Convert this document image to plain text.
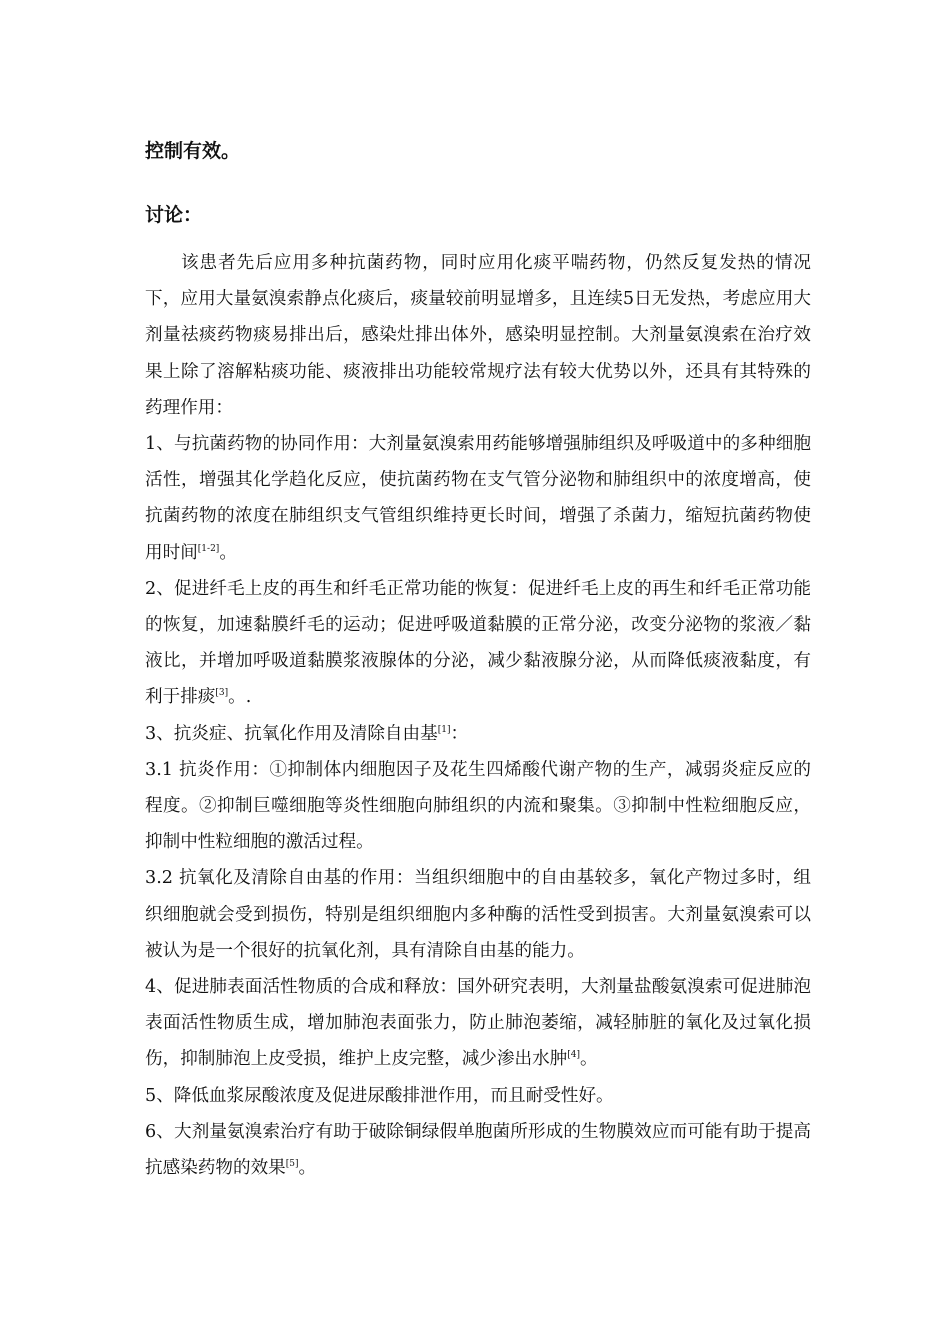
控制有效。
讨论：

该患者先后应用多种抗菌药物，同时应用化痰平喘药物，仍然反复发热的情况下，应用大量氨溴索静点化痰后，痰量较前明显增多，且连续5日无发热，考虑应用大剂量祛痰药物痰易排出后，感染灶排出体外，感染明显控制。大剂量氨溴索在治疗效果上除了溶解粘痰功能、痰液排出功能较常规疗法有较大优势以外，还具有其特殊的药理作用：

1、与抗菌药物的协同作用：大剂量氨溴索用药能够增强肺组织及呼吸道中的多种细胞活性，增强其化学趋化反应，使抗菌药物在支气管分泌物和肺组织中的浓度增高，使抗菌药物的浓度在肺组织支气管组织维持更长时间，增强了杀菌力，缩短抗菌药物使用时间[1-2]。

2、促进纤毛上皮的再生和纤毛正常功能的恢复：促进纤毛上皮的再生和纤毛正常功能的恢复，加速黏膜纤毛的运动；促进呼吸道黏膜的正常分泌，改变分泌物的浆液／黏液比，并增加呼吸道黏膜浆液腺体的分泌，减少黏液腺分泌，从而降低痰液黏度，有利于排痰[3]。.

3、抗炎症、抗氧化作用及清除自由基[1]：

3.1 抗炎作用：①抑制体内细胞因子及花生四烯酸代谢产物的生产，减弱炎症反应的程度。②抑制巨噬细胞等炎性细胞向肺组织的内流和聚集。③抑制中性粒细胞反应，抑制中性粒细胞的激活过程。

3.2 抗氧化及清除自由基的作用：当组织细胞中的自由基较多，氧化产物过多时，组织细胞就会受到损伤，特别是组织细胞内多种酶的活性受到损害。大剂量氨溴索可以被认为是一个很好的抗氧化剂，具有清除自由基的能力。

4、促进肺表面活性物质的合成和释放：国外研究表明，大剂量盐酸氨溴索可促进肺泡表面活性物质生成，增加肺泡表面张力，防止肺泡萎缩，减轻肺脏的氧化及过氧化损伤，抑制肺泡上皮受损，维护上皮完整，减少渗出水肿[4]。

5、降低血浆尿酸浓度及促进尿酸排泄作用，而且耐受性好。

6、大剂量氨溴索治疗有助于破除铜绿假单胞菌所形成的生物膜效应而可能有助于提高抗感染药物的效果[5]。
